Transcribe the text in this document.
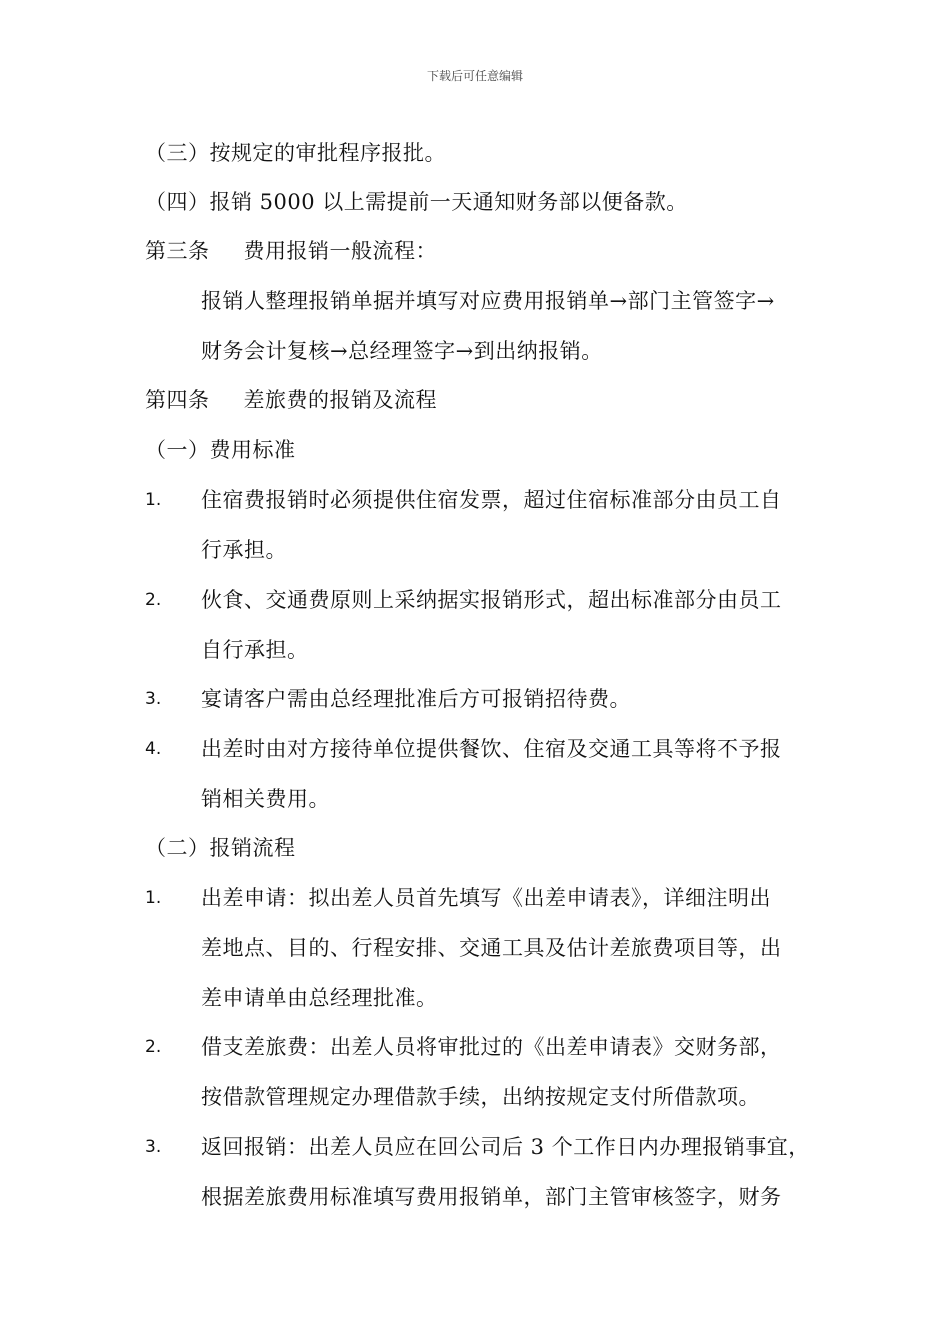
下载后可任意编辑
（三）按规定的审批程序报批。
（四）报销 5000 以上需提前一天通知财务部以便备款。
第三条 费用报销一般流程：
报销人整理报销单据并填写对应费用报销单→部门主管签字→
财务会计复核→总经理签字→到出纳报销。
第四条 差旅费的报销及流程
（一）费用标准
1. 住宿费报销时必须提供住宿发票，超过住宿标准部分由员工自
行承担。
2. 伙食、交通费原则上采纳据实报销形式，超出标准部分由员工
自行承担。
3. 宴请客户需由总经理批准后方可报销招待费。
4. 出差时由对方接待单位提供餐饮、住宿及交通工具等将不予报
销相关费用。
（二）报销流程
1. 出差申请：拟出差人员首先填写《出差申请表》，详细注明出
差地点、目的、行程安排、交通工具及估计差旅费项目等，出
差申请单由总经理批准。
2. 借支差旅费：出差人员将审批过的《出差申请表》交财务部，
按借款管理规定办理借款手续，出纳按规定支付所借款项。
3. 返回报销：出差人员应在回公司后 3 个工作日内办理报销事宜，
根据差旅费用标准填写费用报销单，部门主管审核签字，财务
